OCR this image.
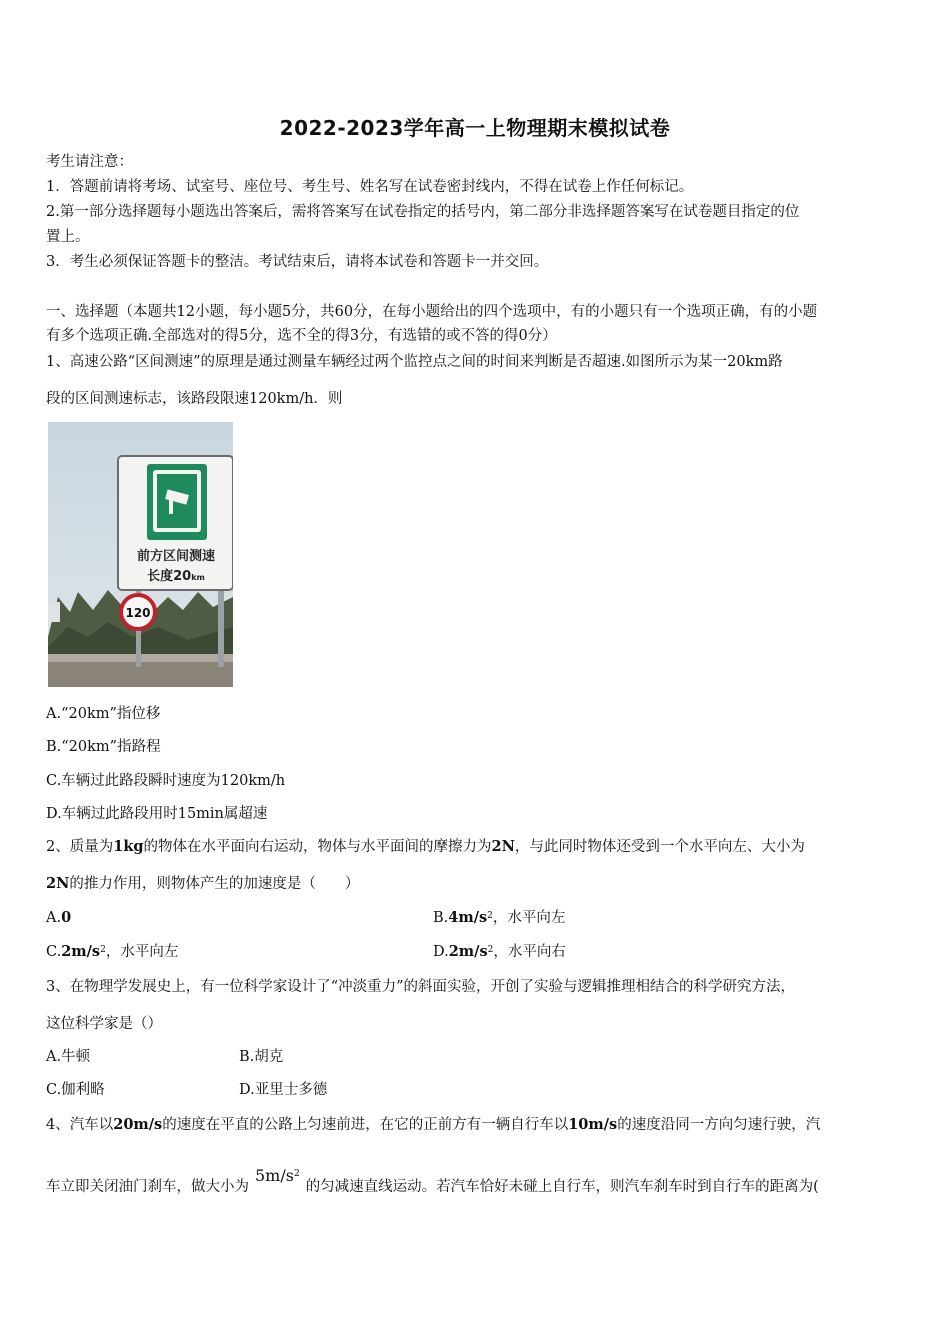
2022-2023学年高一上物理期末模拟试卷
考生请注意：
1．答题前请将考场、试室号、座位号、考生号、姓名写在试卷密封线内，不得在试卷上作任何标记。
2.第一部分选择题每小题选出答案后，需将答案写在试卷指定的括号内，第二部分非选择题答案写在试卷题目指定的位
置上。
3．考生必须保证答题卡的整洁。考试结束后，请将本试卷和答题卡一并交回。
一、选择题（本题共12小题，每小题5分，共60分，在每小题给出的四个选项中，有的小题只有一个选项正确，有的小题
有多个选项正确.全部选对的得5分，选不全的得3分，有选错的或不答的得0分）
1、高速公路“区间测速”的原理是通过测量车辆经过两个监控点之间的时间来判断是否超速.如图所示为某一20km路
段的区间测速标志，该路段限速120km/h．则
前方区间测速
长度20km
120
A.“20km”指位移
B.“20km”指路程
C.车辆过此路段瞬时速度为120km/h
D.车辆过此路段用时15min属超速
2、质量为1kg的物体在水平面向右运动，物体与水平面间的摩擦力为2N，与此同时物体还受到一个水平向左、大小为
2N的推力作用，则物体产生的加速度是（　　）
A.0	$B.4m/s^2$，水平向左
$C.2m/s^2$，水平向左	$D.2m/s^2$，水平向右
3、在物理学发展史上，有一位科学家设计了“冲淡重力”的斜面实验，开创了实验与逻辑推理相结合的科学研究方法，
这位科学家是（）
A.牛顿	B.胡克
C.伽利略	D.亚里士多德
4、汽车以20m/s的速度在平直的公路上匀速前进，在它的正前方有一辆自行车以10m/s的速度沿同一方向匀速行驶，汽
车立即关闭油门刹车，做大小为$5m/s^2$的匀减速直线运动。若汽车恰好未碰上自行车，则汽车刹车时到自行车的距离为(
